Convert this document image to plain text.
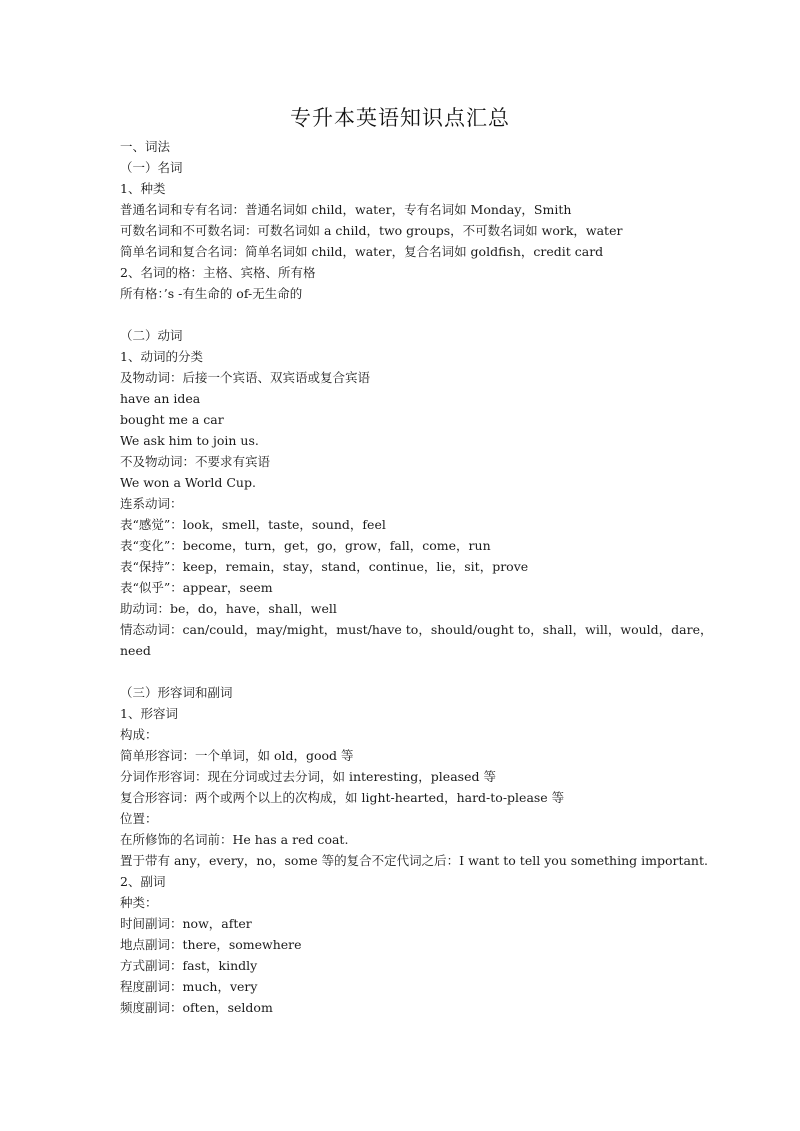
专升本英语知识点汇总
一、词法
（一）名词
1、种类
普通名词和专有名词：普通名词如 child，water，专有名词如 Monday，Smith
可数名词和不可数名词：可数名词如 a child，two groups，不可数名词如 work，water
简单名词和复合名词：简单名词如 child，water，复合名词如 goldfish，credit card
2、名词的格：主格、宾格、所有格
所有格：’s -有生命的 of-无生命的
（二）动词
1、动词的分类
及物动词：后接一个宾语、双宾语或复合宾语
have an idea
bought me a car
We ask him to join us.
不及物动词：不要求有宾语
We won a World Cup.
连系动词：
表“感觉”：look，smell，taste，sound，feel
表“变化”：become，turn，get，go，grow，fall，come，run
表“保持”：keep，remain，stay，stand，continue，lie，sit，prove
表“似乎”：appear，seem
助动词：be，do，have，shall，well
情态动词：can/could，may/might，must/have to，should/ought to，shall，will，would，dare，
need
（三）形容词和副词
1、形容词
构成：
简单形容词：一个单词，如 old，good 等
分词作形容词：现在分词或过去分词，如 interesting，pleased 等
复合形容词：两个或两个以上的次构成，如 light-hearted，hard-to-please 等
位置：
在所修饰的名词前：He has a red coat.
置于带有 any，every，no，some 等的复合不定代词之后：I want to tell you something important.
2、副词
种类：
时间副词：now，after
地点副词：there，somewhere
方式副词：fast，kindly
程度副词：much，very
频度副词：often，seldom
